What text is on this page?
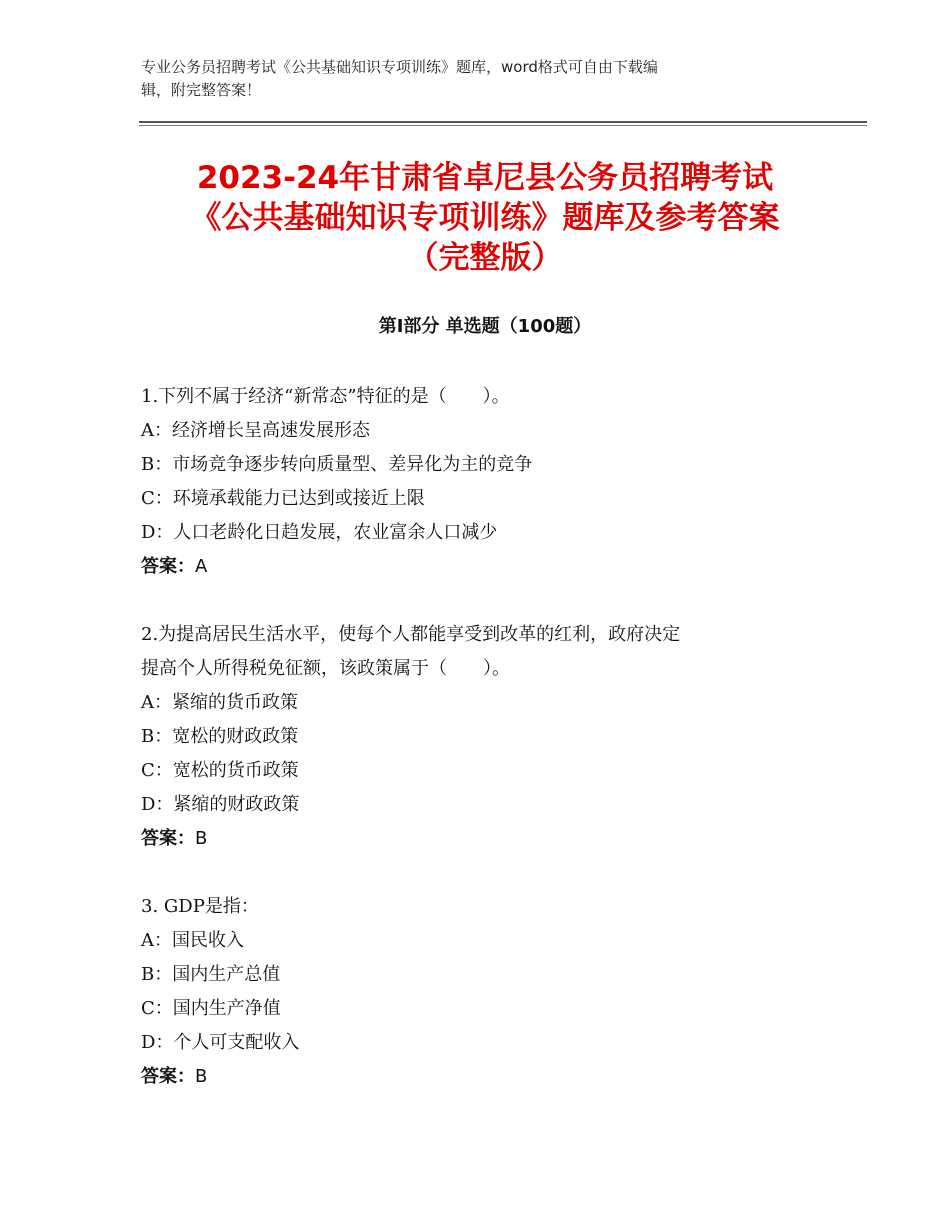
专业公务员招聘考试《公共基础知识专项训练》题库，word格式可自由下载编
辑，附完整答案！
2023-24年甘肃省卓尼县公务员招聘考试
《公共基础知识专项训练》题库及参考答案
（完整版）
第Ⅰ部分 单选题（100题）
1.下列不属于经济“新常态”特征的是（　　）。
A：经济增长呈高速发展形态
B：市场竞争逐步转向质量型、差异化为主的竞争
C：环境承载能力已达到或接近上限
D：人口老龄化日趋发展，农业富余人口减少
答案：A
2.为提高居民生活水平，使每个人都能享受到改革的红利，政府决定
提高个人所得税免征额，该政策属于（　　）。
A：紧缩的货币政策
B：宽松的财政政策
C：宽松的货币政策
D：紧缩的财政政策
答案：B
3. GDP是指：
A：国民收入
B：国内生产总值
C：国内生产净值
D：个人可支配收入
答案：B
